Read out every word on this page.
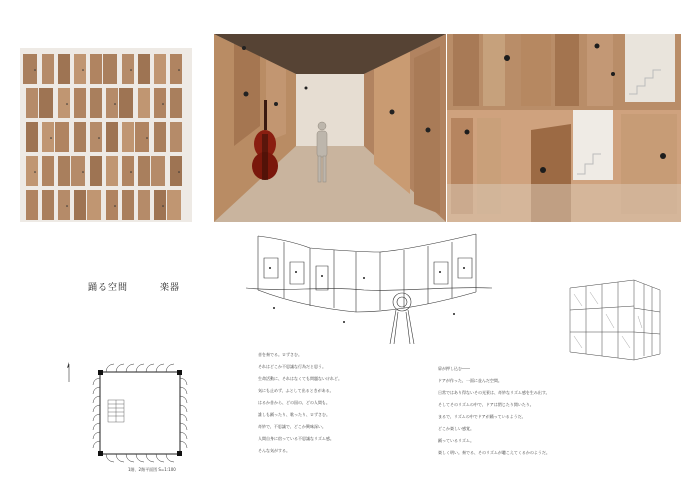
踊る空間	楽器
1階、2階平面図 S=1:100
音を奏でる。ロずさむ。
それはどこか不思議な行為だと思う。
生命活動に、それはなくても問題ないけれど。
気にも止めず、ふとして出るときがある。
はるか昔から、どの国の、どの人間も。
誰しも踊ったり、歌ったり、ロずさむ。
奇妙で、不思議で、どこか興味深い。
人間自身に宿っている不思議なリズム感。
そんな気がする。
扉が押し込む――
ドアが作った、一面に並んだ空間。
日常ではあり得ないその光景は、奇妙なリズム感を生み出す。
そしてそのリズムの中で、ドアは閉じたり開いたり。
まるで、リズムの中でドアが踊っているようだ。
どこか楽しい感覚。
踊っているリズム。
楽しく明い。奏でる、そのリズムが聴こえてくるかのようだ。
